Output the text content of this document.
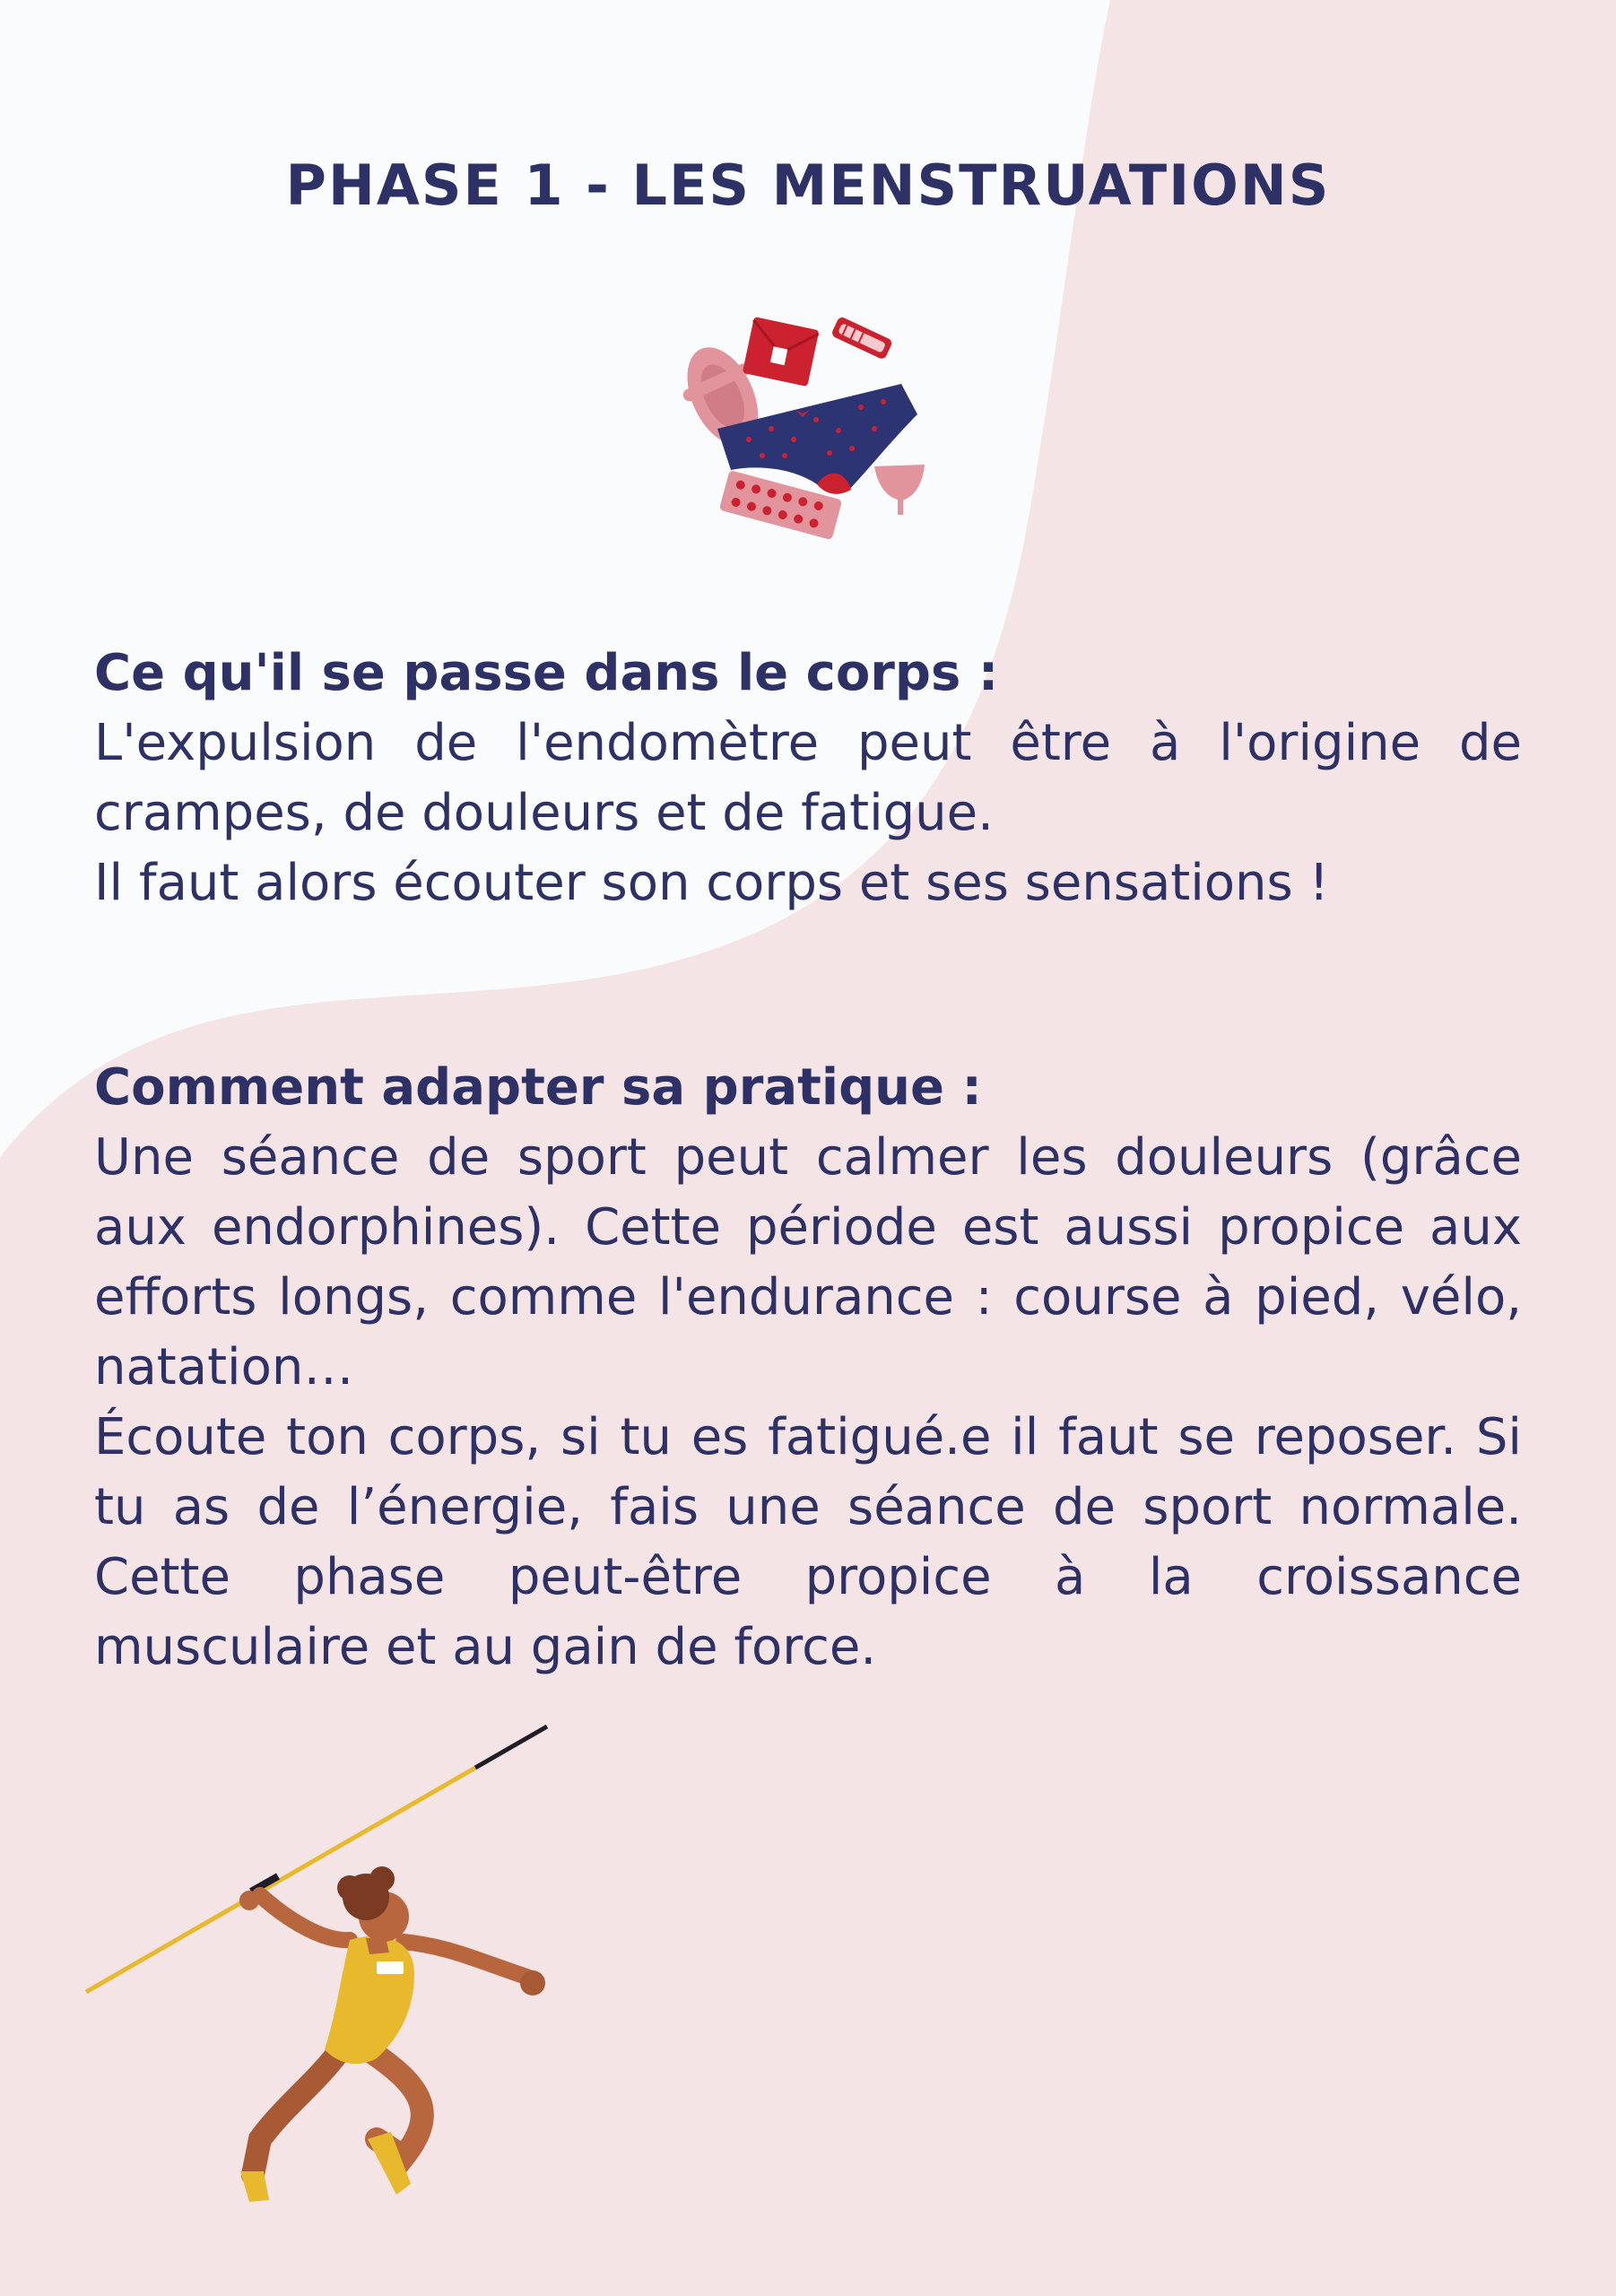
PHASE 1 - LES MENSTRUATIONS

Ce qu'il se passe dans le corps :

L'expulsion de l'endomètre peut être à l'origine de crampes, de douleurs et de fatigue.

Il faut alors écouter son corps et ses sensations !

Comment adapter sa pratique :

Une séance de sport peut calmer les douleurs (grâce aux endorphines). Cette période est aussi propice aux efforts longs, comme l'endurance : course à pied, vélo, natation…

Écoute ton corps, si tu es fatigué.e il faut se reposer. Si tu as de l’énergie, fais une séance de sport normale. Cette phase peut-être propice à la croissance musculaire et au gain de force.
